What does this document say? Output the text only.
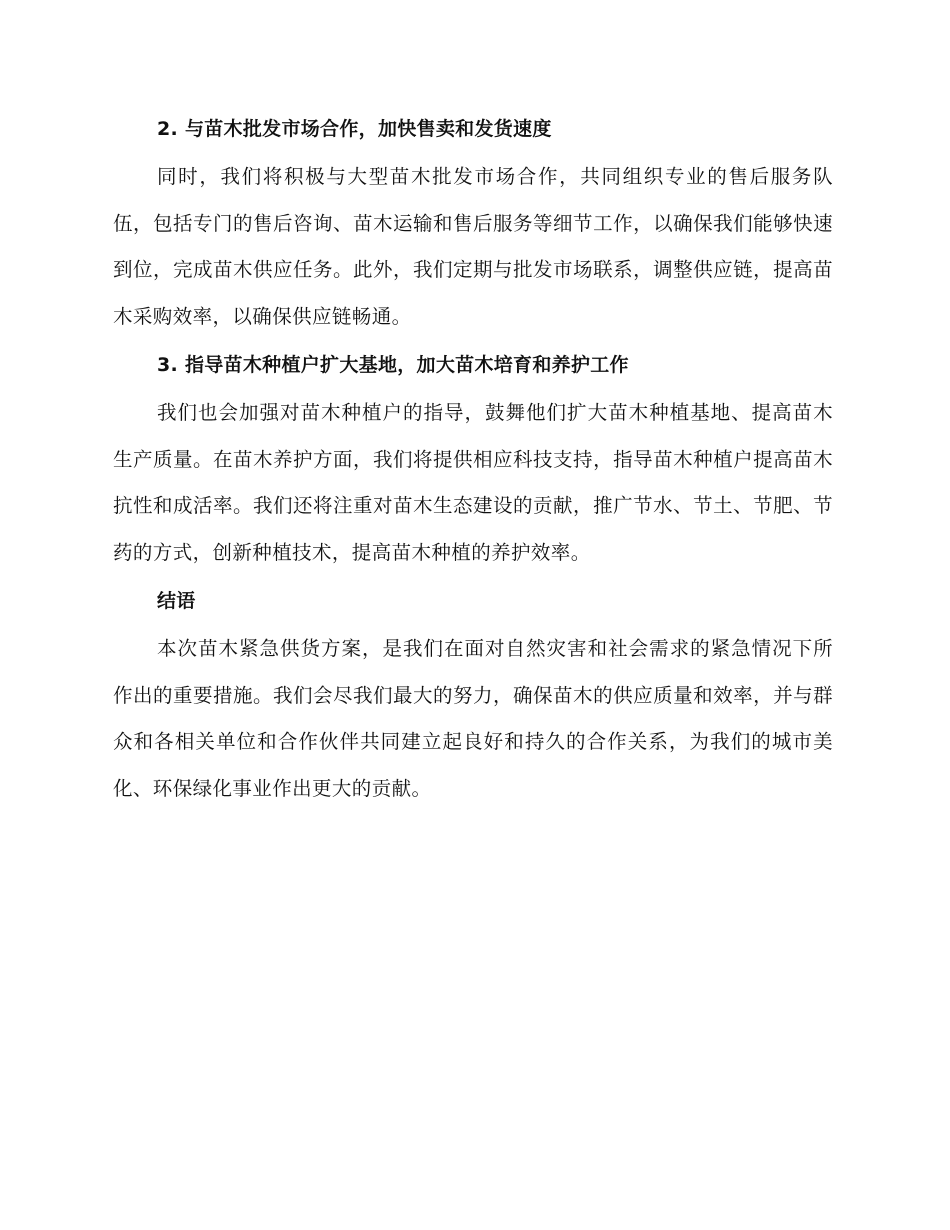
2. 与苗木批发市场合作，加快售卖和发货速度

同时，我们将积极与大型苗木批发市场合作，共同组织专业的售后服务队伍，包括专门的售后咨询、苗木运输和售后服务等细节工作，以确保我们能够快速到位，完成苗木供应任务。此外，我们定期与批发市场联系，调整供应链，提高苗木采购效率，以确保供应链畅通。

3. 指导苗木种植户扩大基地，加大苗木培育和养护工作

我们也会加强对苗木种植户的指导，鼓舞他们扩大苗木种植基地、提高苗木生产质量。在苗木养护方面，我们将提供相应科技支持，指导苗木种植户提高苗木抗性和成活率。我们还将注重对苗木生态建设的贡献，推广节水、节土、节肥、节药的方式，创新种植技术，提高苗木种植的养护效率。

结语

本次苗木紧急供货方案，是我们在面对自然灾害和社会需求的紧急情况下所作出的重要措施。我们会尽我们最大的努力，确保苗木的供应质量和效率，并与群众和各相关单位和合作伙伴共同建立起良好和持久的合作关系，为我们的城市美化、环保绿化事业作出更大的贡献。
